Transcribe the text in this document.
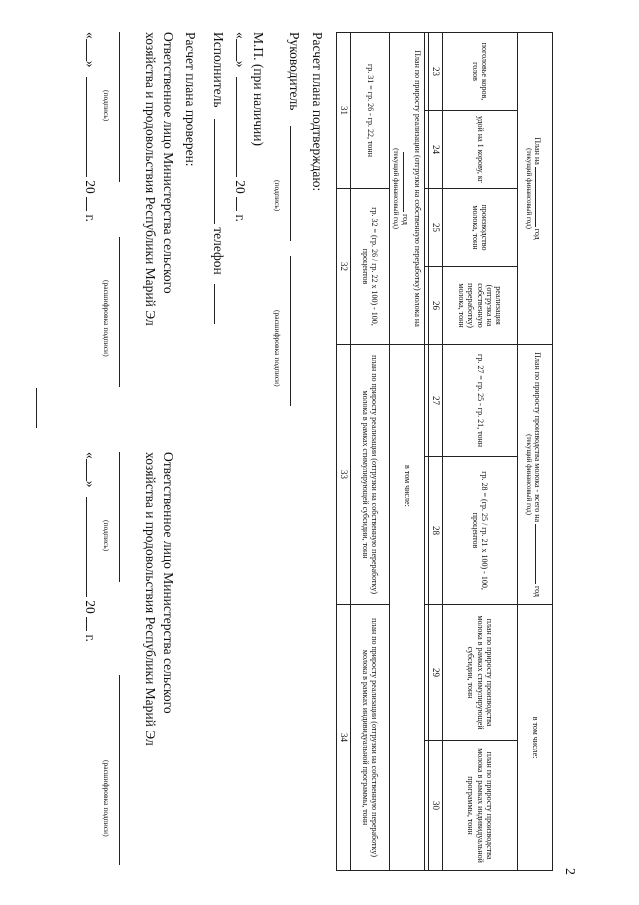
2
План на  год
(текущий финансовый год)				План по приросту производства молока - всего на  год
(текущий финансовый год)		в том числе:	
поголовье коров, голов	удой на 1 корову, кг	производство молока, тонн	реализация (отгрузка на собственную переработку) молока, тонн			план по приросту производства молока в рамках стимулирующей субсидии, тонн	план по приросту производства молока в рамках индивидуальной программы, тонн
				гр. 27 = гр. 25 - гр. 21, тонн	гр. 28 = (гр. 25 / гр. 21 x 100) - 100, процентов		
23	24	25	26	27	28	29	30

План по приросту реализации (отгрузки на собственную переработку) молока на
год
(текущий финансовый год)				в том числе:			
гр. 31 = гр. 26 - гр. 22, тонн		гр. 32 = (гр. 26 / гр. 22 x 100) - 100, процентов		план по приросту реализации (отгрузки на собственную переработку) молока в рамках стимулирующей субсидии, тонн		план по приросту реализации (отгрузки на собственную переработку) молока в рамках индивидуальной программы, тонн	
31		32		33		34	
Расчет плана подтверждаю:
Руководитель
(подпись)
(расшифровка подписи)
М.П. (при наличии)
«»  20  г.
Исполнитель  телефон
Расчет плана проверен:
Ответственное лицо Министерства сельского
хозяйства и продовольствия Республики Марий Эл

(подпись)
(расшифровка подписи)
«»  20  г.
Ответственное лицо Министерства сельского
хозяйства и продовольствия Республики Марий Эл

(подпись)
(расшифровка подписи)
«»  20  г.
